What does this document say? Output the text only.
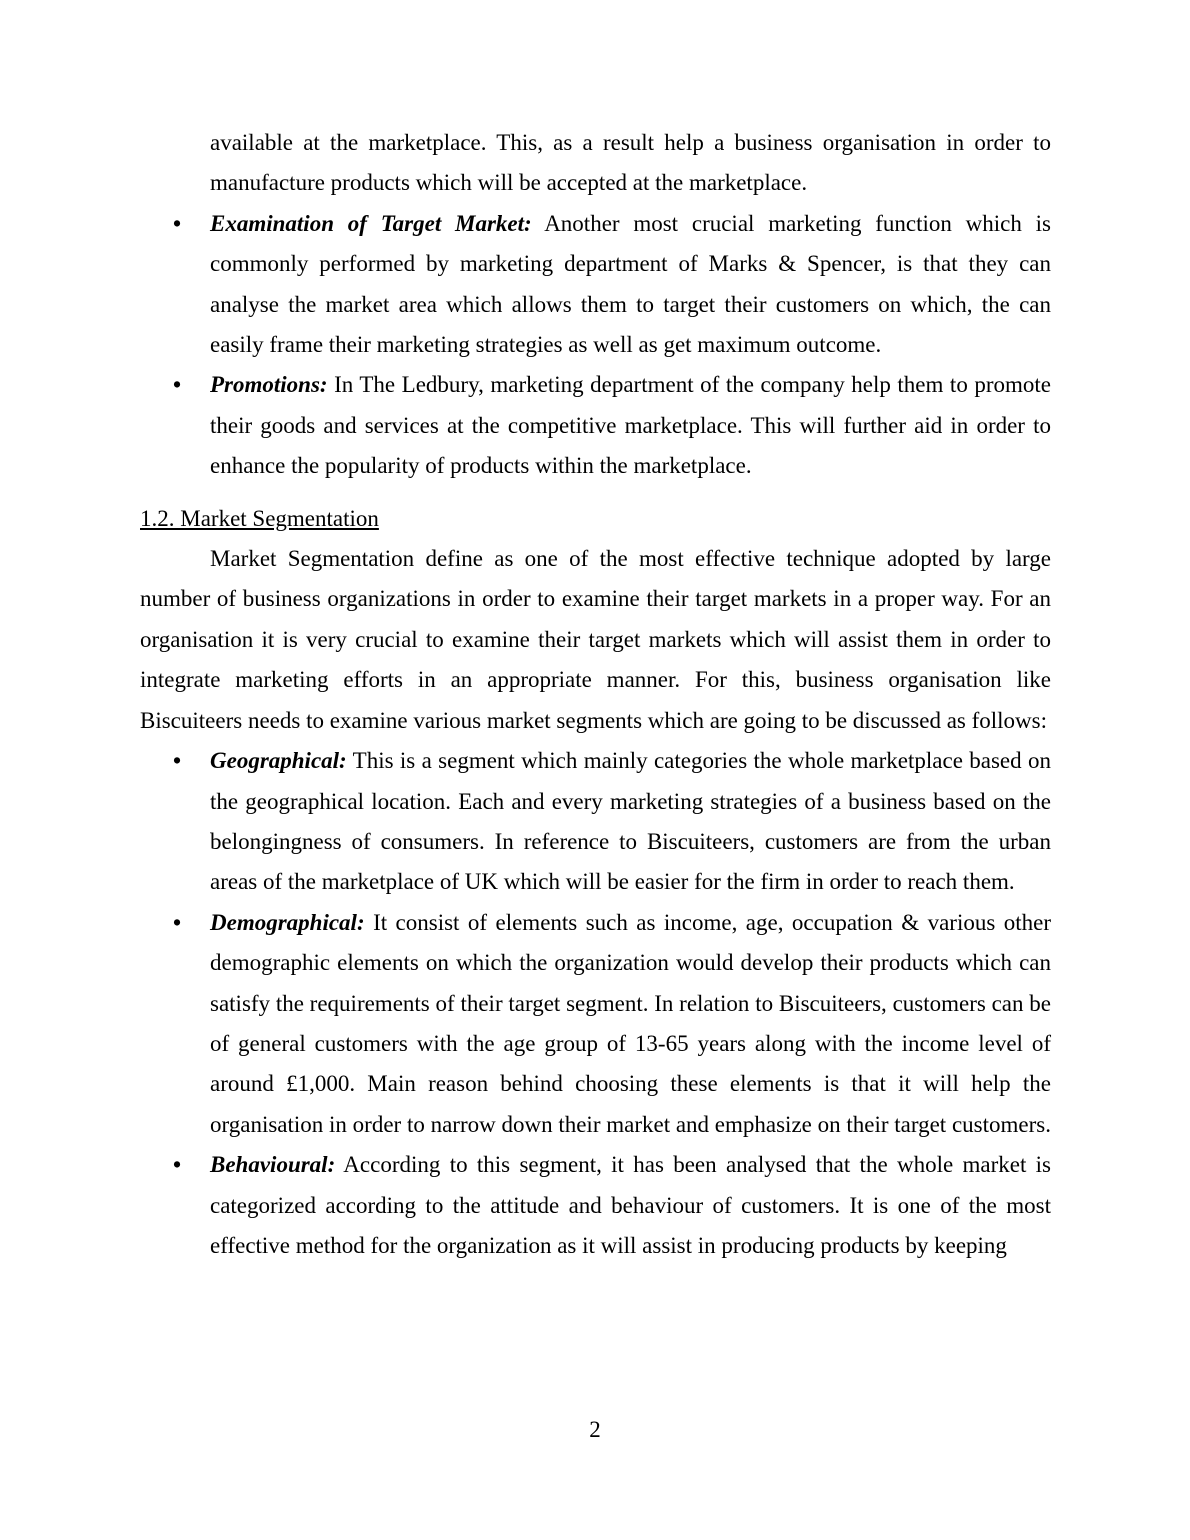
available at the marketplace. This, as a result help a business organisation in order to manufacture products which will be accepted at the marketplace.

• Examination of Target Market: Another most crucial marketing function which is commonly performed by marketing department of Marks & Spencer, is that they can analyse the market area which allows them to target their customers on which, the can easily frame their marketing strategies as well as get maximum outcome.
• Promotions: In The Ledbury, marketing department of the company help them to promote their goods and services at the competitive marketplace. This will further aid in order to enhance the popularity of products within the marketplace.
1.2. Market Segmentation

Market Segmentation define as one of the most effective technique adopted by large number of business organizations in order to examine their target markets in a proper way. For an organisation it is very crucial to examine their target markets which will assist them in order to integrate marketing efforts in an appropriate manner. For this, business organisation like Biscuiteers needs to examine various market segments which are going to be discussed as follows:

• Geographical: This is a segment which mainly categories the whole marketplace based on the geographical location. Each and every marketing strategies of a business based on the belongingness of consumers. In reference to Biscuiteers, customers are from the urban areas of the marketplace of UK which will be easier for the firm in order to reach them.
• Demographical: It consist of elements such as income, age, occupation & various other demographic elements on which the organization would develop their products which can satisfy the requirements of their target segment. In relation to Biscuiteers, customers can be of general customers with the age group of 13-65 years along with the income level of around £1,000. Main reason behind choosing these elements is that it will help the organisation in order to narrow down their market and emphasize on their target customers.
• Behavioural: According to this segment, it has been analysed that the whole market is categorized according to the attitude and behaviour of customers. It is one of the most effective method for the organization as it will assist in producing products by keeping
2
